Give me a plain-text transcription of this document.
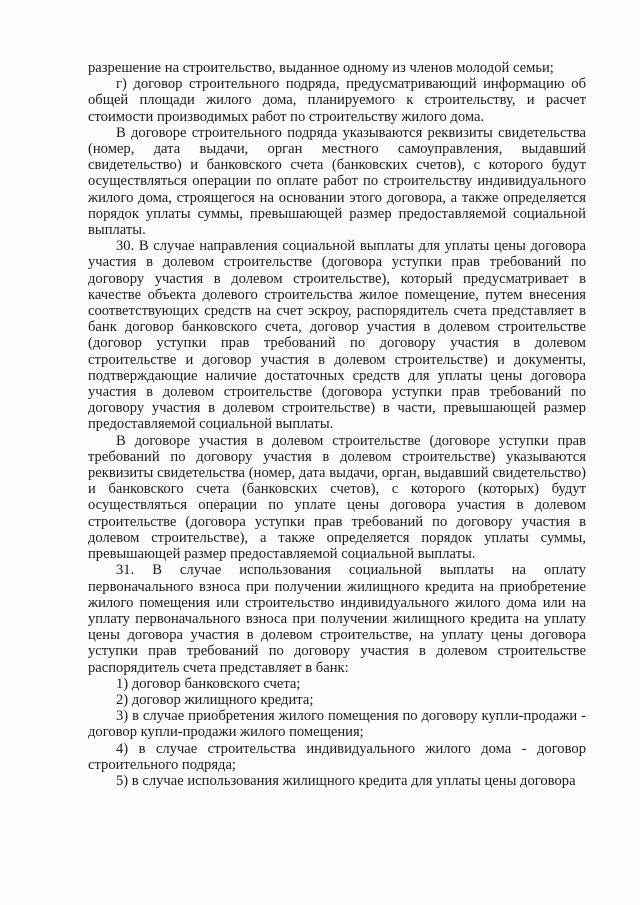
разрешение на строительство, выданное одному из членов молодой семьи;

г) договор строительного подряда, предусматривающий информацию об общей площади жилого дома, планируемого к строительству, и расчет стоимости производимых работ по строительству жилого дома.

В договоре строительного подряда указываются реквизиты свидетельства (номер, дата выдачи, орган местного самоуправления, выдавший свидетельство) и банковского счета (банковских счетов), с которого будут осуществляться операции по оплате работ по строительству индивидуального жилого дома, строящегося на основании этого договора, а также определяется порядок уплаты суммы, превышающей размер предоставляемой социальной выплаты.

30. В случае направления социальной выплаты для уплаты цены договора участия в долевом строительстве (договора уступки прав требований по договору участия в долевом строительстве), который предусматривает в качестве объекта долевого строительства жилое помещение, путем внесения соответствующих средств на счет эскроу, распорядитель счета представляет в банк договор банковского счета, договор участия в долевом строительстве (договор уступки прав требований по договору участия в долевом строительстве и договор участия в долевом строительстве) и документы, подтверждающие наличие достаточных средств для уплаты цены договора участия в долевом строительстве (договора уступки прав требований по договору участия в долевом строительстве) в части, превышающей размер предоставляемой социальной выплаты.

В договоре участия в долевом строительстве (договоре уступки прав требований по договору участия в долевом строительстве) указываются реквизиты свидетельства (номер, дата выдачи, орган, выдавший свидетельство) и банковского счета (банковских счетов), с которого (которых) будут осуществляться операции по уплате цены договора участия в долевом строительстве (договора уступки прав требований по договору участия в долевом строительстве), а также определяется порядок уплаты суммы, превышающей размер предоставляемой социальной выплаты.

31. В случае использования социальной выплаты на оплату первоначального взноса при получении жилищного кредита на приобретение жилого помещения или строительство индивидуального жилого дома или на уплату первоначального взноса при получении жилищного кредита на уплату цены договора участия в долевом строительстве, на уплату цены договора уступки прав требований по договору участия в долевом строительстве распорядитель счета представляет в банк:

1) договор банковского счета;

2) договор жилищного кредита;

3) в случае приобретения жилого помещения по договору купли-продажи - договор купли-продажи жилого помещения;

4) в случае строительства индивидуального жилого дома - договор строительного подряда;

5) в случае использования жилищного кредита для уплаты цены договора
